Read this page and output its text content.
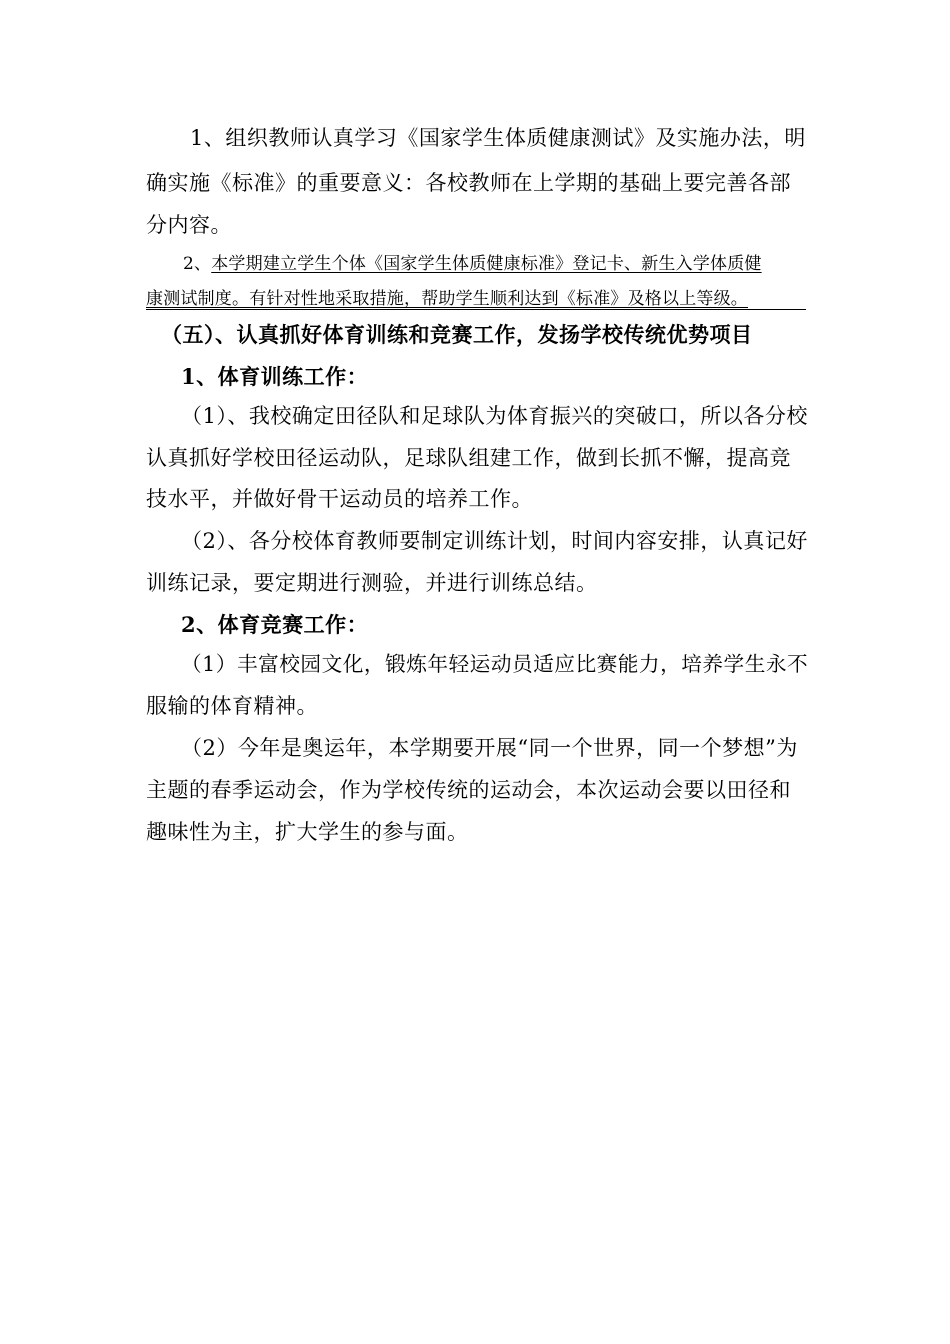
1、组织教师认真学习《国家学生体质健康测试》及实施办法，明
确实施《标准》的重要意义：各校教师在上学期的基础上要完善各部
分内容。
2、本学期建立学生个体《国家学生体质健康标准》登记卡、新生入学体质健
康测试制度。有针对性地采取措施，帮助学生顺利达到《标准》及格以上等级。
（五）、认真抓好体育训练和竞赛工作，发扬学校传统优势项目
1、体育训练工作：
（1）、我校确定田径队和足球队为体育振兴的突破口，所以各分校
认真抓好学校田径运动队，足球队组建工作，做到长抓不懈，提高竞
技水平，并做好骨干运动员的培养工作。
（2）、各分校体育教师要制定训练计划，时间内容安排，认真记好
训练记录，要定期进行测验，并进行训练总结。
2、体育竞赛工作：
（1）丰富校园文化，锻炼年轻运动员适应比赛能力，培养学生永不
服输的体育精神。
（2）今年是奥运年，本学期要开展“同一个世界，同一个梦想”为
主题的春季运动会，作为学校传统的运动会，本次运动会要以田径和
趣味性为主，扩大学生的参与面。
